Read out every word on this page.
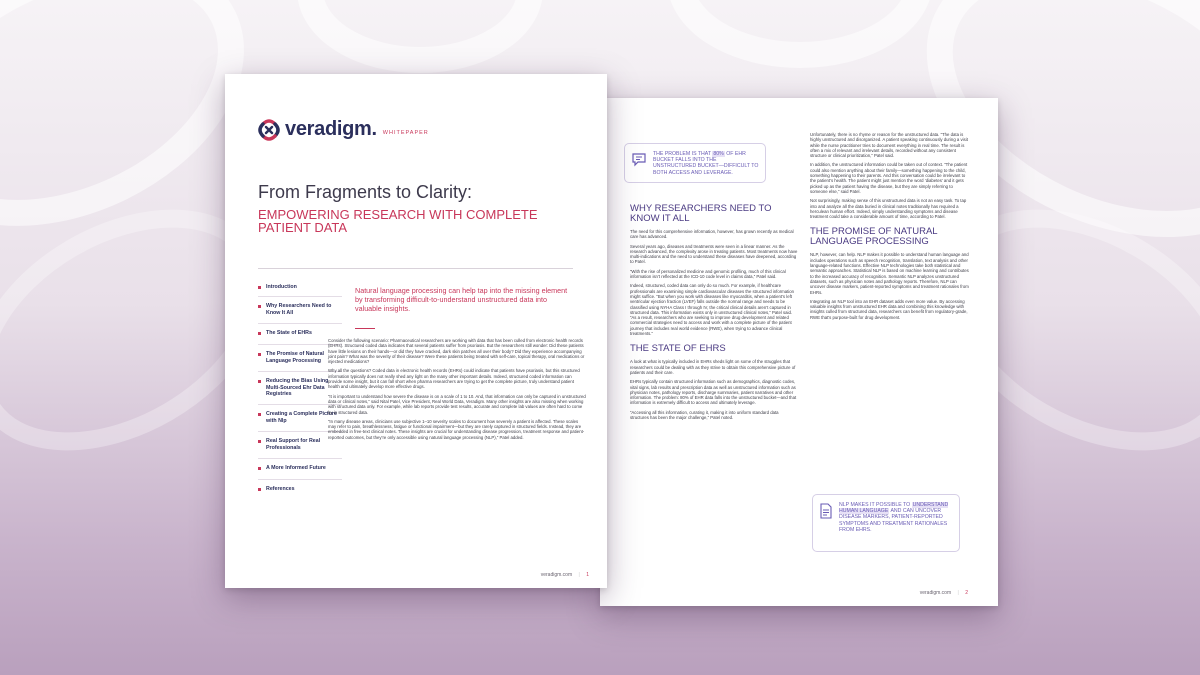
THE PROBLEM IS THAT 80% OF EHR BUCKET FALLS INTO THE UNSTRUCTURED BUCKET—DIFFICULT TO BOTH ACCESS AND LEVERAGE.
WHY RESEARCHERS NEED TO KNOW IT ALL

The need for this comprehensive information, however, has grown recently as medical care has advanced.

Several years ago, diseases and treatments were seen in a linear manner. As the research advanced, the complexity arose in treating patients. Most treatments now have multi-indications and the need to understand these diseases have deepened, according to Patel.

“With the rise of personalized medicine and genomic profiling, much of this clinical information isn’t reflected at the ICD-10 code level in claims data,” Patel said.

Indeed, structured, coded data can only do so much. For example, if healthcare professionals are examining simple cardiovascular diseases the structured information might suffice. “But when you work with diseases like myocarditis, when a patient’s left ventricular ejection fraction (LVEF) falls outside the normal range and needs to be classified using NYHA Class I through IV, the critical clinical details aren’t captured in structured data. This information exists only in unstructured clinical notes,” Patel said. “As a result, researchers who are seeking to improve drug development and related commercial strategies need to access and work with a complete picture of the patient journey that includes real world evidence (RWE), when trying to advance clinical treatments.”

THE STATE OF EHRS

A look at what is typically included in EHRs sheds light on some of the struggles that researchers could be dealing with as they strive to obtain this comprehensive picture of patients and their care.

EHRs typically contain structured information such as demographics, diagnostic codes, vital signs, lab results and prescription data as well as unstructured information such as physician notes, pathology reports, discharge summaries, patient narratives and other information. The problem: 80% of EHR data falls into the unstructured bucket—and that information is extremely difficult to access and ultimately leverage.

“Accessing all this information, curating it, making it into uniform standard data structures has been the major challenge,” Patel noted.

Unfortunately, there is no rhyme or reason for the unstructured data. “The data is highly unstructured and disorganized. A patient speaking continuously during a visit while the nurse practitioner tries to document everything in real time. The result is often a mix of relevant and irrelevant details, recorded without any consistent structure or clinical prioritization,” Patel said.

In addition, the unstructured information could be taken out of context. “The patient could also mention anything about their family—something happening to the child, something happening to their parents. And this conversation could be irrelevant to the patient’s health. The patient might just mention the word ‘diabetes’ and it gets picked up as the patient having the disease, but they are simply referring to someone else,” said Patel.

Not surprisingly, making sense of this unstructured data is not an easy task. To tap into and analyze all the data buried in clinical notes traditionally has required a herculean human effort. Indeed, simply understanding symptoms and disease treatment could take a considerable amount of time, according to Patel.

THE PROMISE OF NATURAL LANGUAGE PROCESSING

NLP, however, can help. NLP makes it possible to understand human language and includes operations such as speech recognition, translation, text analysis and other language-related functions. Effective NLP technologies take both statistical and semantic approaches. Statistical NLP is based on machine learning and contributes to the increased accuracy of recognition. Semantic NLP analyzes unstructured datasets, such as physician notes and pathology reports. Therefore, NLP can uncover disease markers, patient-reported symptoms and treatment rationales from EHRs.

Integrating an NLP tool into an EHR dataset adds even more value. By accessing valuable insights from unstructured EHR data and combining this knowledge with insights culled from structured data, researchers can benefit from regulatory-grade, RWE that’s purpose-built for drug development.

NLP MAKES IT POSSIBLE TO UNDERSTAND HUMAN LANGUAGE AND CAN UNCOVER DISEASE MARKERS, PATIENT-REPORTED SYMPTOMS AND TREATMENT RATIONALES FROM EHRS.
veradigm.com | 2
veradigm. WHITEPAPER
From Fragments to Clarity:
EMPOWERING RESEARCH WITH COMPLETE PATIENT DATA
Introduction
Why Researchers Need to Know It All
The State of EHRs
The Promise of Natural Language Processing
Reducing the Bias Using Multi-Sourced Ehr Data Registries
Creating a Complete Picture with Nlp
Real Support for Real Professionals
A More Informed Future
References
Natural language processing can help tap into the missing element by transforming difficult-to-understand unstructured data into valuable insights.

Consider the following scenario: Pharmaceutical researchers are working with data that has been culled from electronic health records (EHRs). Structured coded data indicates that several patients suffer from psoriasis. But the researchers still wonder: Did these patients have little lesions on their hands—or did they have cracked, dark skin patches all over their body? Did they experience accompanying joint pain? What was the severity of their disease? Were these patients being treated with self-care, topical therapy, oral medications or injected medications?

Why all the questions? Coded data in electronic health records (EHRs) could indicate that patients have psoriasis, but this structured information typically does not really shed any light on the many other important details. Indeed, structured coded information can provide some insight, but it can fall short when pharma researchers are trying to get the complete picture, truly understand patient health and ultimately develop more effective drugs.

“It is important to understand how severe the disease is on a scale of 1 to 10. And, that information can only be captured in unstructured data or clinical notes,” said Nital Patel, Vice President, Real World Data, Veradigm. Many other insights are also missing when working with structured data only. For example, while lab reports provide test results, accurate and complete lab values are often hard to come by in structured data.

“In many disease areas, clinicians use subjective 1–10 severity scales to document how severely a patient is affected. These scales may refer to pain, breathlessness, fatigue or functional impairment—but they are rarely captured in structured fields. Instead, they are embedded in free-text clinical notes. These insights are crucial for understanding disease progression, treatment response and patient-reported outcomes, but they’re only accessible using natural language processing (NLP),” Patel added.

veradigm.com | 1
